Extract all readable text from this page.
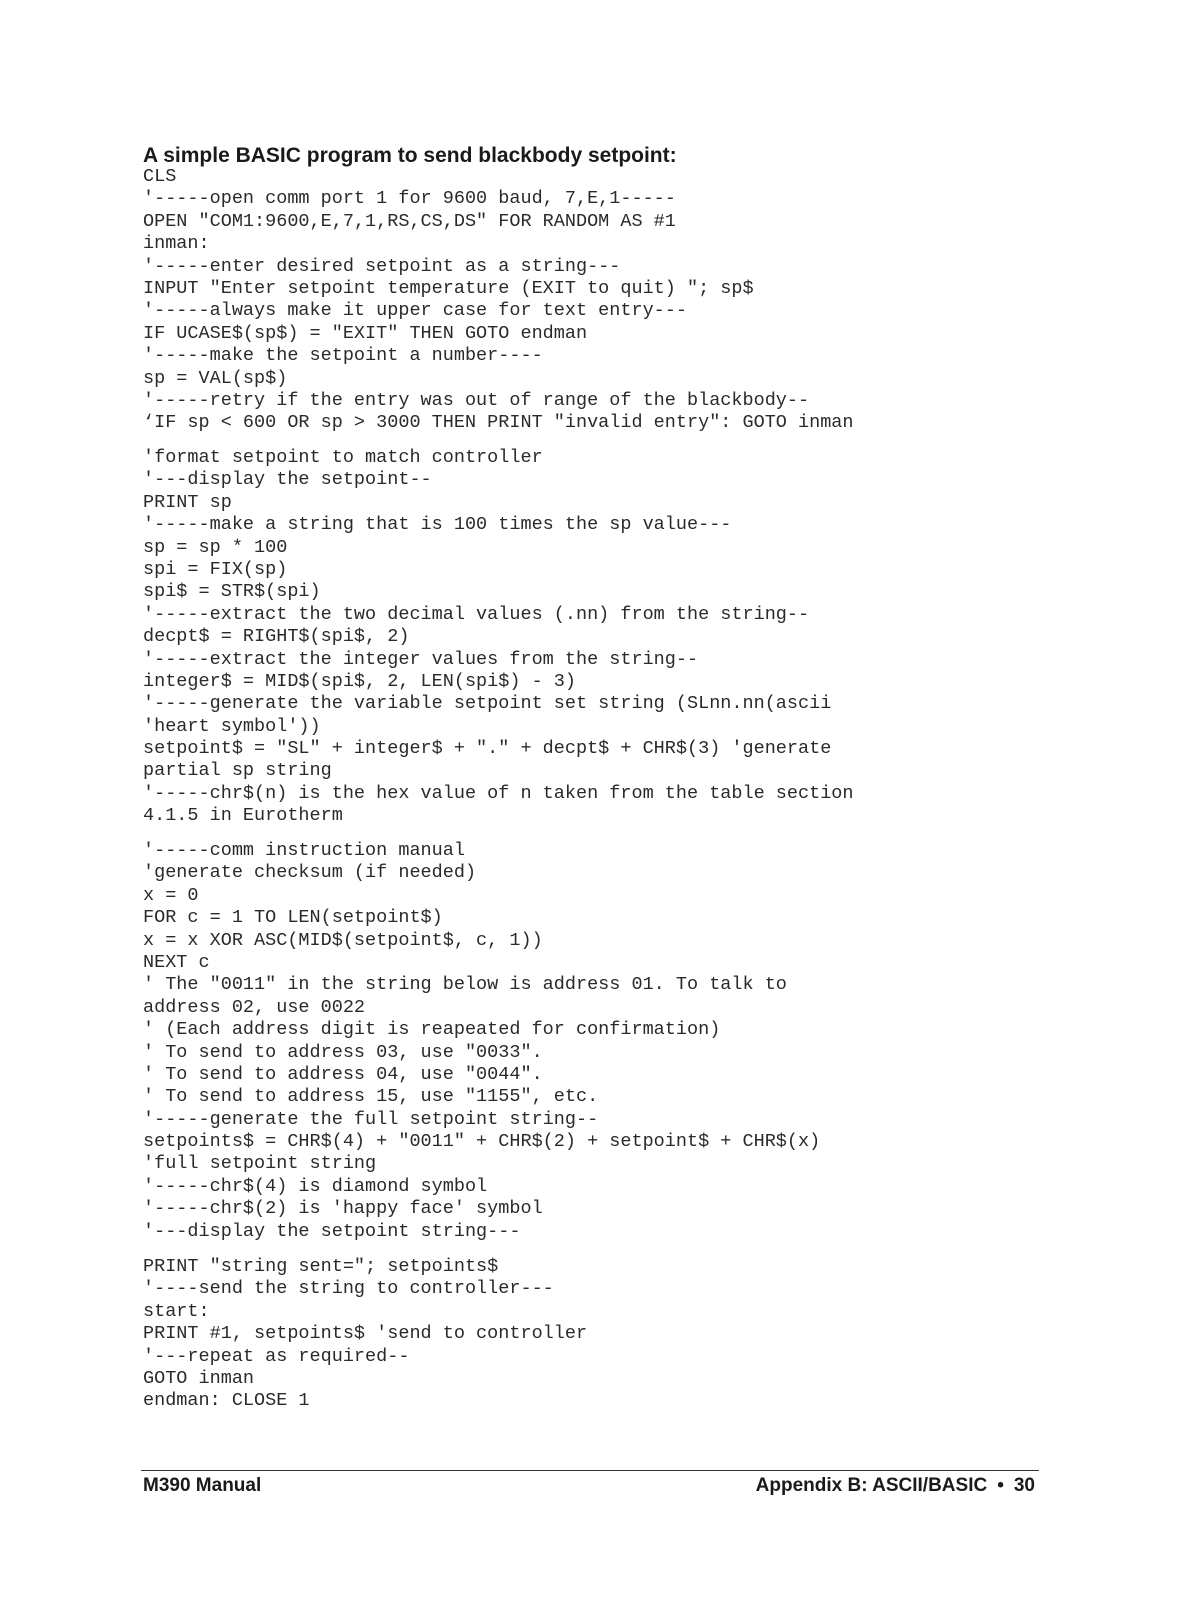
A simple BASIC program to send blackbody setpoint:
CLS
'-----open comm port 1 for 9600 baud, 7,E,1-----
OPEN "COM1:9600,E,7,1,RS,CS,DS" FOR RANDOM AS #1
inman:
'-----enter desired setpoint as a string---
INPUT "Enter setpoint temperature (EXIT to quit) "; sp$
'-----always make it upper case for text entry---
IF UCASE$(sp$) = "EXIT" THEN GOTO endman
'-----make the setpoint a number----
sp = VAL(sp$)
'-----retry if the entry was out of range of the blackbody--
‘IF sp < 600 OR sp > 3000 THEN PRINT "invalid entry": GOTO inman
'format setpoint to match controller
'---display the setpoint--
PRINT sp
'-----make a string that is 100 times the sp value---
sp = sp * 100
spi = FIX(sp)
spi$ = STR$(spi)
'-----extract the two decimal values (.nn) from the string--
decpt$ = RIGHT$(spi$, 2)
'-----extract the integer values from the string--
integer$ = MID$(spi$, 2, LEN(spi$) - 3)
'-----generate the variable setpoint set string (SLnn.nn(ascii
'heart symbol'))
setpoint$ = "SL" + integer$ + "." + decpt$ + CHR$(3) 'generate
partial sp string
'-----chr$(n) is the hex value of n taken from the table section
4.1.5 in Eurotherm
'-----comm instruction manual
'generate checksum (if needed)
x = 0
FOR c = 1 TO LEN(setpoint$)
x = x XOR ASC(MID$(setpoint$, c, 1))
NEXT c
' The "0011" in the string below is address 01. To talk to
address 02, use 0022
' (Each address digit is reapeated for confirmation)
' To send to address 03, use "0033".
' To send to address 04, use "0044".
' To send to address 15, use "1155", etc.
'-----generate the full setpoint string--
setpoints$ = CHR$(4) + "0011" + CHR$(2) + setpoint$ + CHR$(x)
'full setpoint string
'-----chr$(4) is diamond symbol
'-----chr$(2) is 'happy face' symbol
'---display the setpoint string---
PRINT "string sent="; setpoints$
'----send the string to controller---
start:
PRINT #1, setpoints$ 'send to controller
'---repeat as required--
GOTO inman
endman: CLOSE 1
M390 Manual	Appendix B: ASCII/BASIC • 30
